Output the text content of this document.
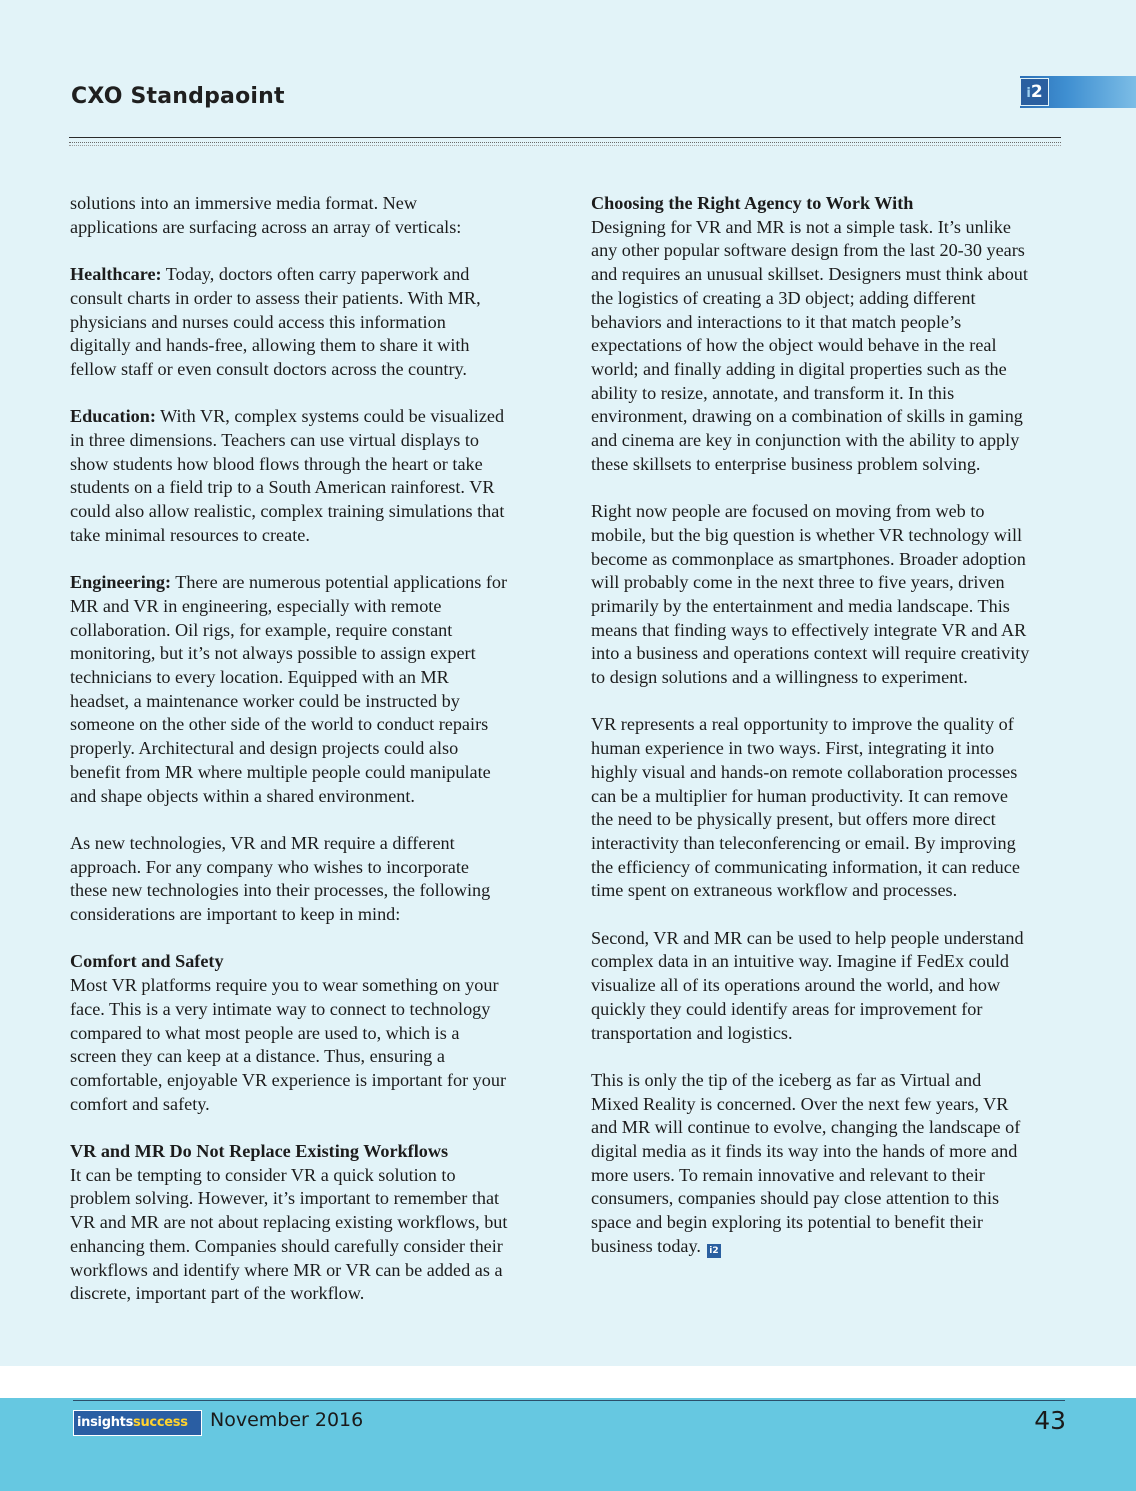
CXO Standpaoint	i2

solutions into an immersive media format. New
applications are surfacing across an array of verticals:

Healthcare: Today, doctors often carry paperwork and
consult charts in order to assess their patients. With MR,
physicians and nurses could access this information
digitally and hands-free, allowing them to share it with
fellow staff or even consult doctors across the country.

Education: With VR, complex systems could be visualized
in three dimensions. Teachers can use virtual displays to
show students how blood flows through the heart or take
students on a field trip to a South American rainforest. VR
could also allow realistic, complex training simulations that
take minimal resources to create.

Engineering: There are numerous potential applications for
MR and VR in engineering, especially with remote
collaboration. Oil rigs, for example, require constant
monitoring, but it’s not always possible to assign expert
technicians to every location. Equipped with an MR
headset, a maintenance worker could be instructed by
someone on the other side of the world to conduct repairs
properly. Architectural and design projects could also
benefit from MR where multiple people could manipulate
and shape objects within a shared environment.

As new technologies, VR and MR require a different
approach. For any company who wishes to incorporate
these new technologies into their processes, the following
considerations are important to keep in mind:

Comfort and Safety

Most VR platforms require you to wear something on your
face. This is a very intimate way to connect to technology
compared to what most people are used to, which is a
screen they can keep at a distance. Thus, ensuring a
comfortable, enjoyable VR experience is important for your
comfort and safety.

VR and MR Do Not Replace Existing Workflows

It can be tempting to consider VR a quick solution to
problem solving. However, it’s important to remember that
VR and MR are not about replacing existing workflows, but
enhancing them. Companies should carefully consider their
workflows and identify where MR or VR can be added as a
discrete, important part of the workflow.

Choosing the Right Agency to Work With

Designing for VR and MR is not a simple task. It’s unlike
any other popular software design from the last 20-30 years
and requires an unusual skillset. Designers must think about
the logistics of creating a 3D object; adding different
behaviors and interactions to it that match people’s
expectations of how the object would behave in the real
world; and finally adding in digital properties such as the
ability to resize, annotate, and transform it. In this
environment, drawing on a combination of skills in gaming
and cinema are key in conjunction with the ability to apply
these skillsets to enterprise business problem solving.

Right now people are focused on moving from web to
mobile, but the big question is whether VR technology will
become as commonplace as smartphones. Broader adoption
will probably come in the next three to five years, driven
primarily by the entertainment and media landscape. This
means that finding ways to effectively integrate VR and AR
into a business and operations context will require creativity
to design solutions and a willingness to experiment.

VR represents a real opportunity to improve the quality of
human experience in two ways. First, integrating it into
highly visual and hands-on remote collaboration processes
can be a multiplier for human productivity. It can remove
the need to be physically present, but offers more direct
interactivity than teleconferencing or email. By improving
the efficiency of communicating information, it can reduce
time spent on extraneous workflow and processes.

Second, VR and MR can be used to help people understand
complex data in an intuitive way. Imagine if FedEx could
visualize all of its operations around the world, and how
quickly they could identify areas for improvement for
transportation and logistics.

This is only the tip of the iceberg as far as Virtual and
Mixed Reality is concerned. Over the next few years, VR
and MR will continue to evolve, changing the landscape of
digital media as it finds its way into the hands of more and
more users. To remain innovative and relevant to their
consumers, companies should pay close attention to this
space and begin exploring its potential to benefit their
business today. i2

insightssuccess	November 2016	43
